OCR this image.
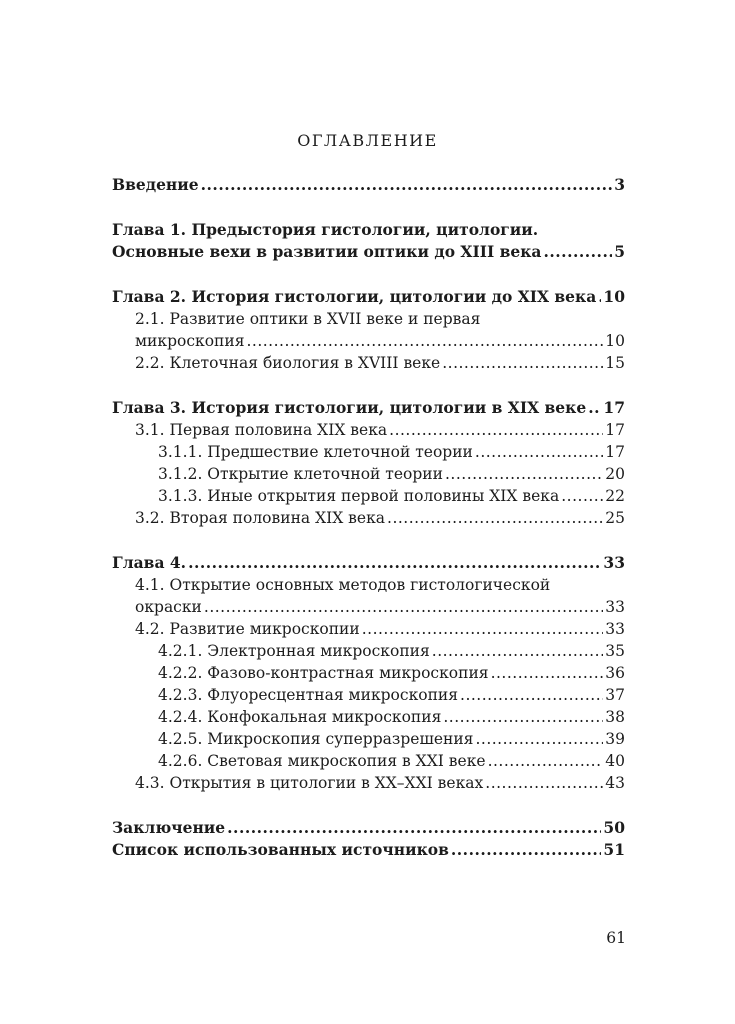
ОГЛАВЛЕНИЕ
Введение .....	3
Глава 1. Предыстория гистологии, цитологии.
Основные вехи в развитии оптики до XIII века .....	5
Глава 2. История гистологии, цитологии до XIX века ..... 10
2.1. Развитие оптики в XVII веке и первая
микроскопия .....	10
2.2. Клеточная биология в XVIII веке .....	15
Глава 3. История гистологии, цитологии в XIX веке ..... 17
3.1. Первая половина XIX века .....	17
3.1.1. Предшествие клеточной теории .....	17
3.1.2. Открытие клеточной теории .....	20
3.1.3. Иные открытия первой половины XIX века .....	22
3.2. Вторая половина XIX века .....	25
Глава 4. .....	33
4.1. Открытие основных методов гистологической
окраски .....	33
4.2. Развитие микроскопии .....	33
4.2.1. Электронная микроскопия .....	35
4.2.2. Фазово-контрастная микроскопия .....	36
4.2.3. Флуоресцентная микроскопия .....	37
4.2.4. Конфокальная микроскопия .....	38
4.2.5. Микроскопия суперразрешения .....	39
4.2.6. Световая микроскопия в XXI веке .....	40
4.3. Открытия в цитологии в XX–XXI веках .....	43
Заключение .....	50
Список использованных источников .....	51
61
